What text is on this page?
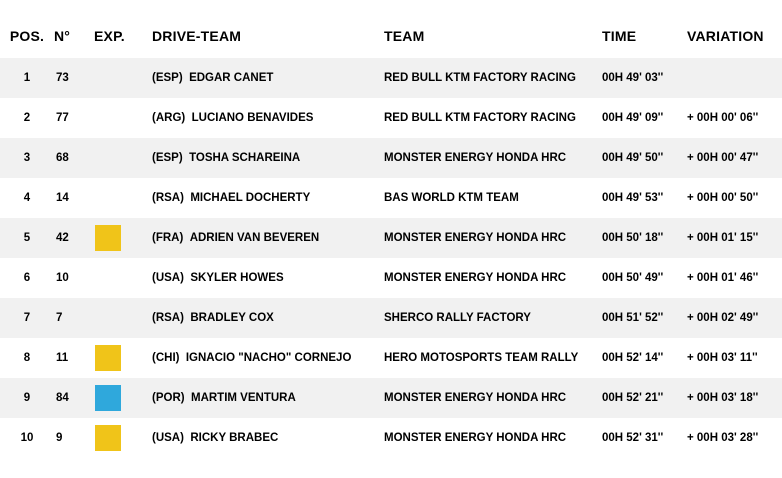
POS.	N°	EXP.	DRIVE-TEAM	TEAM	TIME	VARIATION
1	73		(ESP) EDGAR CANET	RED BULL KTM FACTORY RACING	00H 49' 03''	
2	77		(ARG) LUCIANO BENAVIDES	RED BULL KTM FACTORY RACING	00H 49' 09''	+ 00H 00' 06''
3	68		(ESP) TOSHA SCHAREINA	MONSTER ENERGY HONDA HRC	00H 49' 50''	+ 00H 00' 47''
4	14		(RSA) MICHAEL DOCHERTY	BAS WORLD KTM TEAM	00H 49' 53''	+ 00H 00' 50''
5	42		(FRA) ADRIEN VAN BEVEREN	MONSTER ENERGY HONDA HRC	00H 50' 18''	+ 00H 01' 15''
6	10		(USA) SKYLER HOWES	MONSTER ENERGY HONDA HRC	00H 50' 49''	+ 00H 01' 46''
7	7		(RSA) BRADLEY COX	SHERCO RALLY FACTORY	00H 51' 52''	+ 00H 02' 49''
8	11		(CHI) IGNACIO "NACHO" CORNEJO	HERO MOTOSPORTS TEAM RALLY	00H 52' 14''	+ 00H 03' 11''
9	84		(POR) MARTIM VENTURA	MONSTER ENERGY HONDA HRC	00H 52' 21''	+ 00H 03' 18''
10	9		(USA) RICKY BRABEC	MONSTER ENERGY HONDA HRC	00H 52' 31''	+ 00H 03' 28''
